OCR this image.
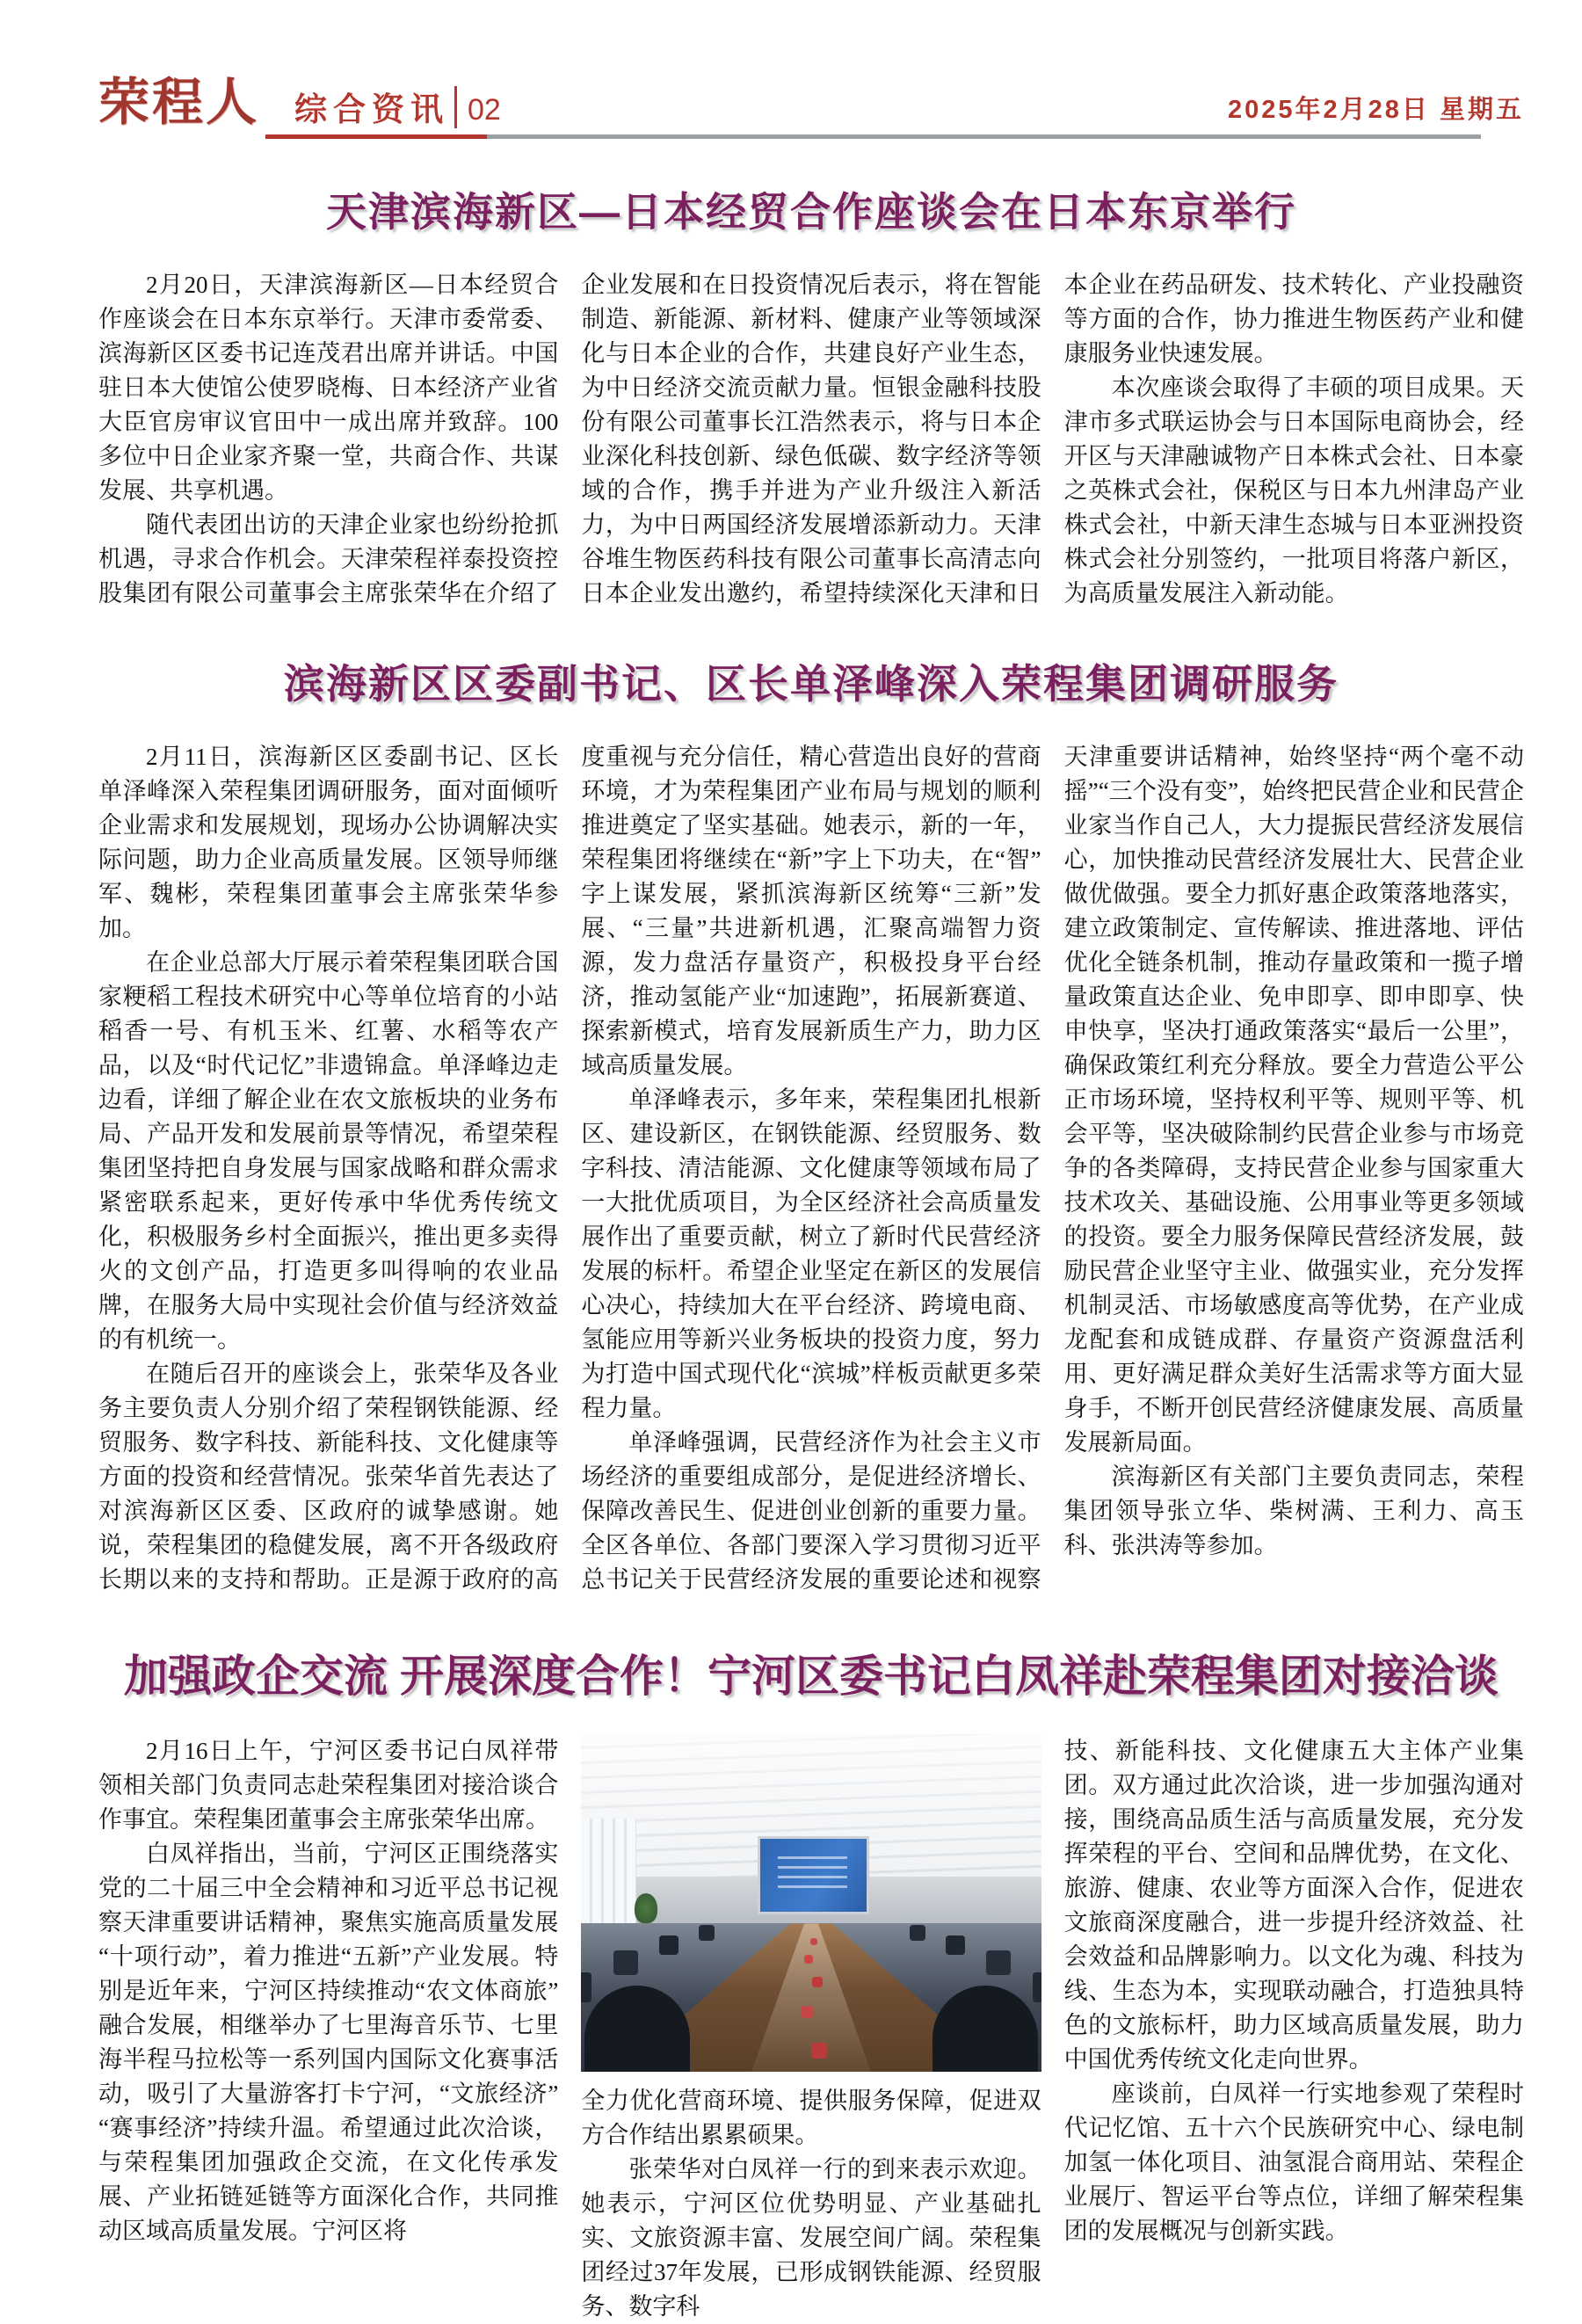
荣程人 综合资讯 02	2025年2月28日 星期五
天津滨海新区—日本经贸合作座谈会在日本东京举行

2月20日，天津滨海新区—日本经贸合作座谈会在日本东京举行。天津市委常委、滨海新区区委书记连茂君出席并讲话。中国驻日本大使馆公使罗晓梅、日本经济产业省大臣官房审议官田中一成出席并致辞。100多位中日企业家齐聚一堂，共商合作、共谋发展、共享机遇。

随代表团出访的天津企业家也纷纷抢抓机遇，寻求合作机会。天津荣程祥泰投资控股集团有限公司董事会主席张荣华在介绍了企业发展和在日投资情况后表示，将在智能制造、新能源、新材料、健康产业等领域深化与日本企业的合作，共建良好产业生态，为中日经济交流贡献力量。恒银金融科技股份有限公司董事长江浩然表示，将与日本企业深化科技创新、绿色低碳、数字经济等领域的合作，携手并进为产业升级注入新活力，为中日两国经济发展增添新动力。天津谷堆生物医药科技有限公司董事长高清志向日本企业发出邀约，希望持续深化天津和日本企业在药品研发、技术转化、产业投融资等方面的合作，协力推进生物医药产业和健康服务业快速发展。

本次座谈会取得了丰硕的项目成果。天津市多式联运协会与日本国际电商协会，经开区与天津融诚物产日本株式会社、日本豪之英株式会社，保税区与日本九州津岛产业株式会社，中新天津生态城与日本亚洲投资株式会社分别签约，一批项目将落户新区，为高质量发展注入新动能。

滨海新区区委副书记、区长单泽峰深入荣程集团调研服务

2月11日，滨海新区区委副书记、区长单泽峰深入荣程集团调研服务，面对面倾听企业需求和发展规划，现场办公协调解决实际问题，助力企业高质量发展。区领导师继军、魏彬，荣程集团董事会主席张荣华参加。

在企业总部大厅展示着荣程集团联合国家粳稻工程技术研究中心等单位培育的小站稻香一号、有机玉米、红薯、水稻等农产品，以及“时代记忆”非遗锦盒。单泽峰边走边看，详细了解企业在农文旅板块的业务布局、产品开发和发展前景等情况，希望荣程集团坚持把自身发展与国家战略和群众需求紧密联系起来，更好传承中华优秀传统文化，积极服务乡村全面振兴，推出更多卖得火的文创产品，打造更多叫得响的农业品牌，在服务大局中实现社会价值与经济效益的有机统一。

在随后召开的座谈会上，张荣华及各业务主要负责人分别介绍了荣程钢铁能源、经贸服务、数字科技、新能科技、文化健康等方面的投资和经营情况。张荣华首先表达了对滨海新区区委、区政府的诚挚感谢。她说，荣程集团的稳健发展，离不开各级政府长期以来的支持和帮助。正是源于政府的高度重视与充分信任，精心营造出良好的营商环境，才为荣程集团产业布局与规划的顺利推进奠定了坚实基础。她表示，新的一年，荣程集团将继续在“新”字上下功夫，在“智”字上谋发展，紧抓滨海新区统筹“三新”发展、“三量”共进新机遇，汇聚高端智力资源，发力盘活存量资产，积极投身平台经济，推动氢能产业“加速跑”，拓展新赛道、探索新模式，培育发展新质生产力，助力区域高质量发展。

单泽峰表示，多年来，荣程集团扎根新区、建设新区，在钢铁能源、经贸服务、数字科技、清洁能源、文化健康等领域布局了一大批优质项目，为全区经济社会高质量发展作出了重要贡献，树立了新时代民营经济发展的标杆。希望企业坚定在新区的发展信心决心，持续加大在平台经济、跨境电商、氢能应用等新兴业务板块的投资力度，努力为打造中国式现代化“滨城”样板贡献更多荣程力量。

单泽峰强调，民营经济作为社会主义市场经济的重要组成部分，是促进经济增长、保障改善民生、促进创业创新的重要力量。全区各单位、各部门要深入学习贯彻习近平总书记关于民营经济发展的重要论述和视察天津重要讲话精神，始终坚持“两个毫不动摇”“三个没有变”，始终把民营企业和民营企业家当作自己人，大力提振民营经济发展信心，加快推动民营经济发展壮大、民营企业做优做强。要全力抓好惠企政策落地落实，建立政策制定、宣传解读、推进落地、评估优化全链条机制，推动存量政策和一揽子增量政策直达企业、免申即享、即申即享、快申快享，坚决打通政策落实“最后一公里”，确保政策红利充分释放。要全力营造公平公正市场环境，坚持权利平等、规则平等、机会平等，坚决破除制约民营企业参与市场竞争的各类障碍，支持民营企业参与国家重大技术攻关、基础设施、公用事业等更多领域的投资。要全力服务保障民营经济发展，鼓励民营企业坚守主业、做强实业，充分发挥机制灵活、市场敏感度高等优势，在产业成龙配套和成链成群、存量资产资源盘活利用、更好满足群众美好生活需求等方面大显身手，不断开创民营经济健康发展、高质量发展新局面。

滨海新区有关部门主要负责同志，荣程集团领导张立华、柴树满、王利力、高玉科、张洪涛等参加。

加强政企交流 开展深度合作！宁河区委书记白凤祥赴荣程集团对接洽谈

2月16日上午，宁河区委书记白凤祥带领相关部门负责同志赴荣程集团对接洽谈合作事宜。荣程集团董事会主席张荣华出席。

白凤祥指出，当前，宁河区正围绕落实党的二十届三中全会精神和习近平总书记视察天津重要讲话精神，聚焦实施高质量发展“十项行动”，着力推进“五新”产业发展。特别是近年来，宁河区持续推动“农文体商旅”融合发展，相继举办了七里海音乐节、七里海半程马拉松等一系列国内国际文化赛事活动，吸引了大量游客打卡宁河，“文旅经济”“赛事经济”持续升温。希望通过此次洽谈，与荣程集团加强政企交流，在文化传承发展、产业拓链延链等方面深化合作，共同推动区域高质量发展。宁河区将

全力优化营商环境、提供服务保障，促进双方合作结出累累硕果。

张荣华对白凤祥一行的到来表示欢迎。她表示，宁河区位优势明显、产业基础扎实、文旅资源丰富、发展空间广阔。荣程集团经过37年发展，已形成钢铁能源、经贸服务、数字科

技、新能科技、文化健康五大主体产业集团。双方通过此次洽谈，进一步加强沟通对接，围绕高品质生活与高质量发展，充分发挥荣程的平台、空间和品牌优势，在文化、旅游、健康、农业等方面深入合作，促进农文旅商深度融合，进一步提升经济效益、社会效益和品牌影响力。以文化为魂、科技为线、生态为本，实现联动融合，打造独具特色的文旅标杆，助力区域高质量发展，助力中国优秀传统文化走向世界。

座谈前，白凤祥一行实地参观了荣程时代记忆馆、五十六个民族研究中心、绿电制加氢一体化项目、油氢混合商用站、荣程企业展厅、智运平台等点位，详细了解荣程集团的发展概况与创新实践。
